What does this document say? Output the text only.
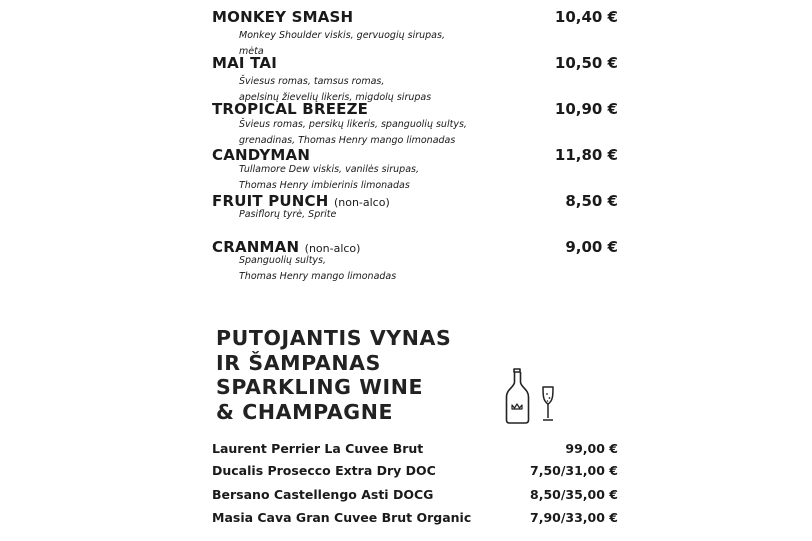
MONKEY SMASH	10,40 €
Monkey Shoulder viskis, gervuogių sirupas,
mėta
MAI TAI	10,50 €
Šviesus romas, tamsus romas,
apelsinų žievelių likeris, migdolų sirupas
TROPICAL BREEZE	10,90 €
Švieus romas, persikų likeris, spanguolių sultys,
grenadinas, Thomas Henry mango limonadas
CANDYMAN	11,80 €
Tullamore Dew viskis, vanilės sirupas,
Thomas Henry imbierinis limonadas
FRUIT PUNCH (non-alco)	8,50 €
Pasiflorų tyrė, Sprite
CRANMAN (non-alco)	9,00 €
Spanguolių sultys,
Thomas Henry mango limonadas
PUTOJANTIS VYNAS
IR ŠAMPANAS
SPARKLING WINE
& CHAMPAGNE
Laurent Perrier La Cuvee Brut	99,00 €
Ducalis Prosecco Extra Dry DOC	7,50/31,00 €
Bersano Castellengo Asti DOCG	8,50/35,00 €
Masia Cava Gran Cuvee Brut Organic	7,90/33,00 €
